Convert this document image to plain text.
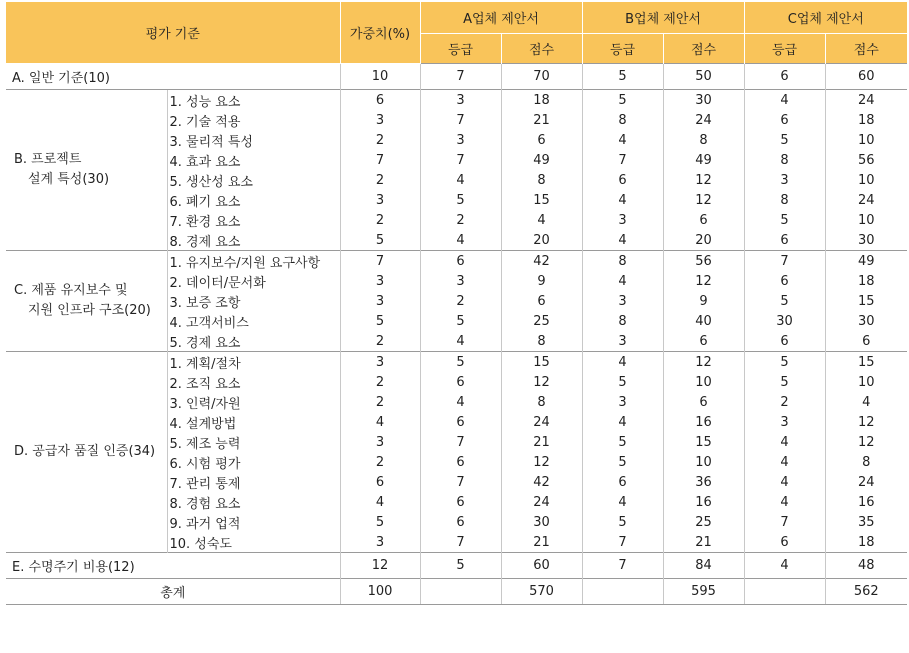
평가 기준		가중치(%)	A업체 제안서		B업체 제안서		C업체 제안서	
			등급	점수	등급	점수	등급	점수
A. 일반 기준(10)		10	7	70	5	50	6	60

B. 프로젝트
설계 특성(30)	1. 성능 요소	6	3	18	5	30	4	24
	2. 기술 적용	3	7	21	8	24	6	18
	3. 물리적 특성	2	3	6	4	8	5	10
	4. 효과 요소	7	7	49	7	49	8	56
	5. 생산성 요소	2	4	8	6	12	3	10
	6. 폐기 요소	3	5	15	4	12	8	24
	7. 환경 요소	2	2	4	3	6	5	10
	8. 경제 요소	5	4	20	4	20	6	30

C. 제품 유지보수 및
지원 인프라 구조(20)	1. 유지보수/지원 요구사항	7	6	42	8	56	7	49
	2. 데이터/문서화	3	3	9	4	12	6	18
	3. 보증 조항	3	2	6	3	9	5	15
	4. 고객서비스	5	5	25	8	40	30	30
	5. 경제 요소	2	4	8	3	6	6	6

D. 공급자 품질 인증(34)	1. 계획/절차	3	5	15	4	12	5	15
	2. 조직 요소	2	6	12	5	10	5	10
	3. 인력/자원	2	4	8	3	6	2	4
	4. 설계방법	4	6	24	4	16	3	12
	5. 제조 능력	3	7	21	5	15	4	12
	6. 시험 평가	2	6	12	5	10	4	8
	7. 관리 통제	6	7	42	6	36	4	24
	8. 경험 요소	4	6	24	4	16	4	16
	9. 과거 업적	5	6	30	5	25	7	35
	10. 성숙도	3	7	21	7	21	6	18
E. 수명주기 비용(12)		12	5	60	7	84	4	48
총계		100		570		595		562
